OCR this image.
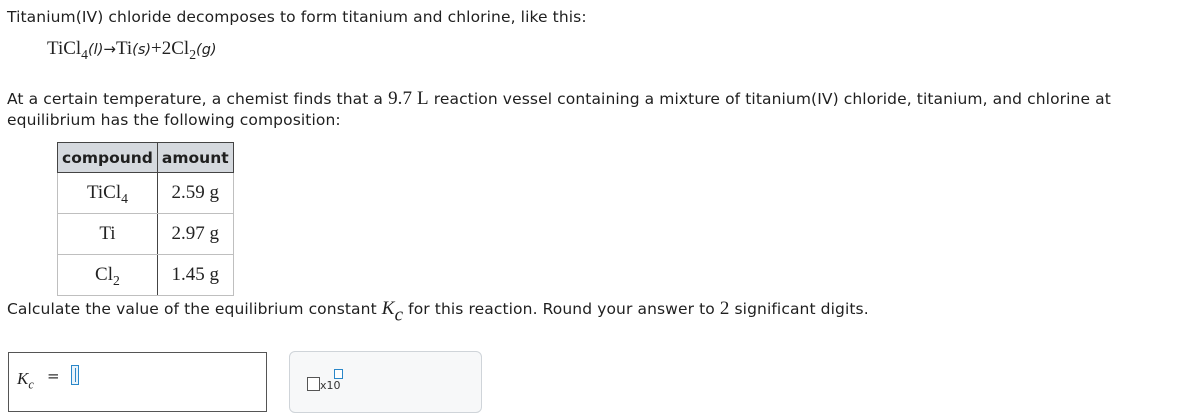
Titanium(IV) chloride decomposes to form titanium and chlorine, like this:
$TiCl_4(l)\to Ti(s)+2Cl_2(g)$
At a certain temperature, a chemist finds that a 9.7 L reaction vessel containing a mixture of titanium(IV) chloride, titanium, and chlorine at equilibrium has the following composition:
compound	amount
TiCl$_4$	2.59 g
Ti	2.97 g
$Cl_2$	1.45 g
Calculate the value of the equilibrium constant $K_c$ for this reaction. Round your answer to 2 significant digits.
$K_c$ =
x10
